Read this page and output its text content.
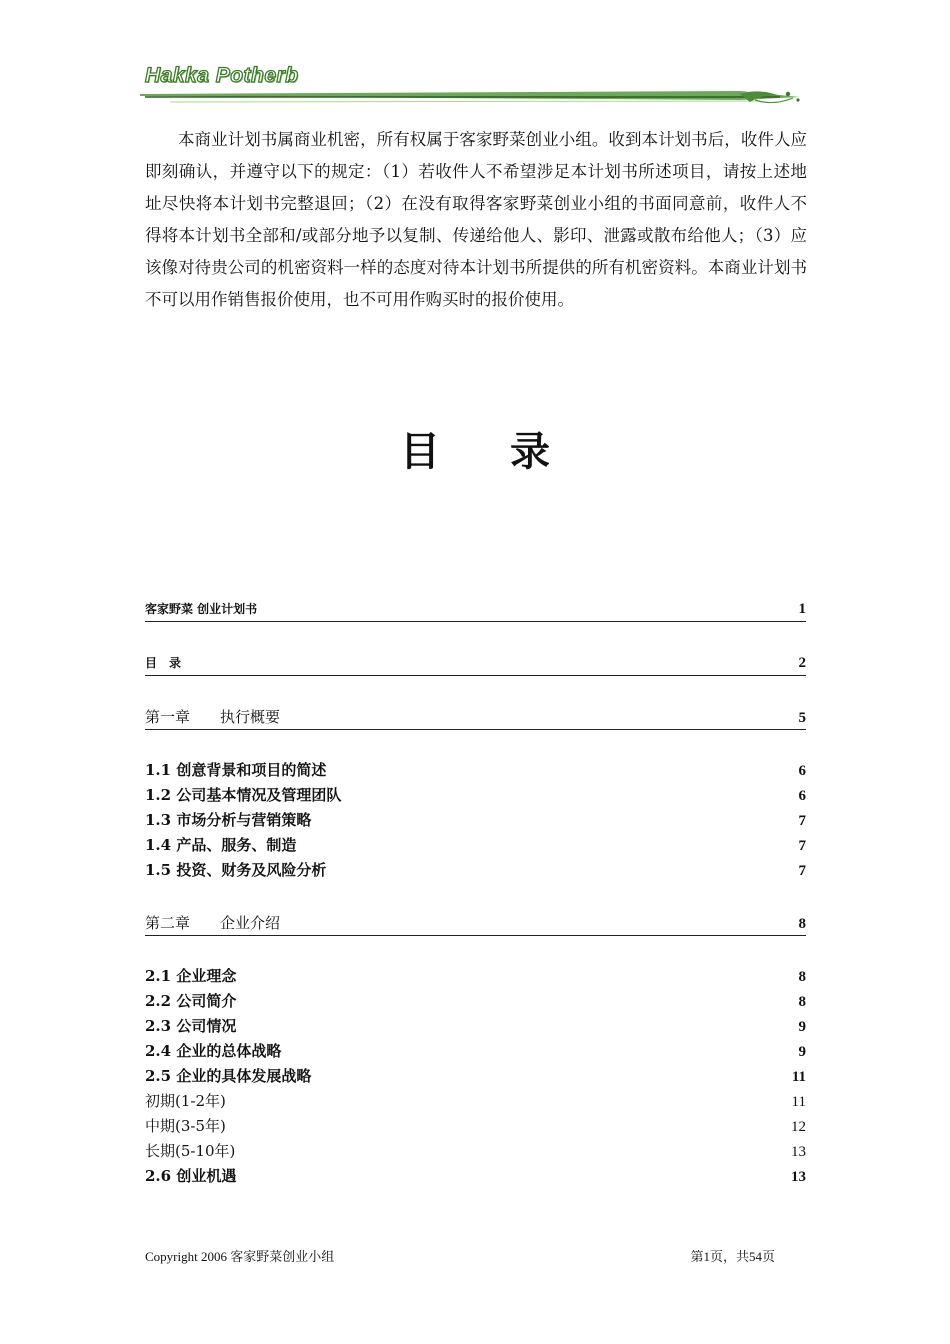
Hakka Potherb

本商业计划书属商业机密，所有权属于客家野菜创业小组。收到本计划书后，收件人应即刻确认，并遵守以下的规定：（1）若收件人不希望涉足本计划书所述项目，请按上述地址尽快将本计划书完整退回；（2）在没有取得客家野菜创业小组的书面同意前，收件人不得将本计划书全部和/或部分地予以复制、传递给他人、影印、泄露或散布给他人；（3）应该像对待贵公司的机密资料一样的态度对待本计划书所提供的所有机密资料。本商业计划书不可以用作销售报价使用，也不可用作购买时的报价使用。

目录
客家野菜 创业计划书	1
目　录	2
第一章　　执行概要	5
1.1 创意背景和项目的简述	6
1.2 公司基本情况及管理团队	6
1.3 市场分析与营销策略	7
1.4 产品、服务、制造	7
1.5 投资、财务及风险分析	7
第二章　　企业介绍	8
2.1 企业理念	8
2.2 公司简介	8
2.3 公司情况	9
2.4 企业的总体战略	9
2.5 企业的具体发展战略	11
初期(1-2年)	11
中期(3-5年)	12
长期(5-10年)	13
2.6 创业机遇	13
Copyright 2006 客家野菜创业小组	第1页，共54页
